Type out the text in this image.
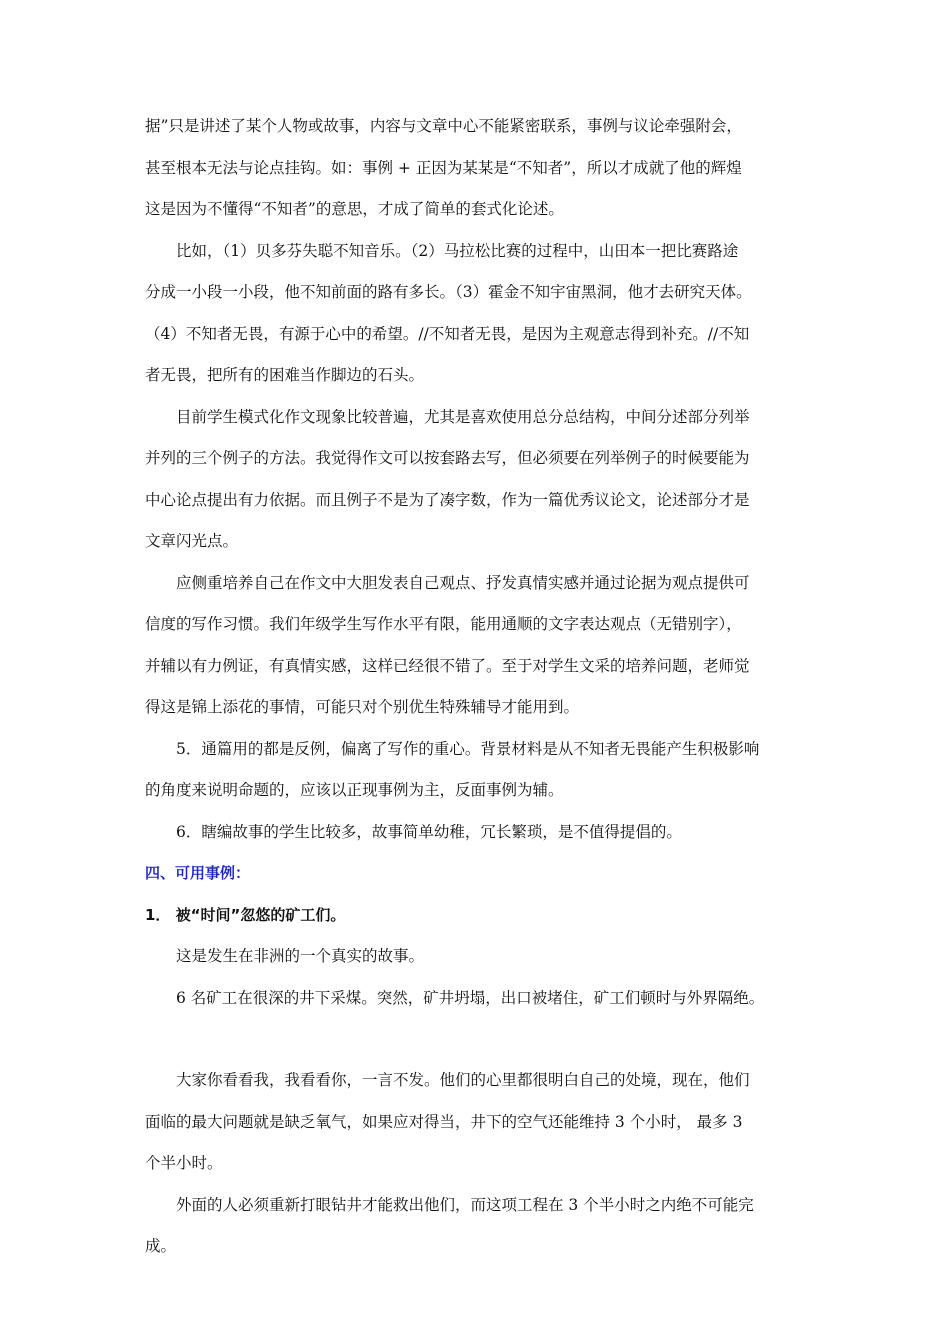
据”只是讲述了某个人物或故事，内容与文章中心不能紧密联系，事例与议论牵强附会，
甚至根本无法与论点挂钩。如：事例 + 正因为某某是“不知者”，所以才成就了他的辉煌
这是因为不懂得“不知者”的意思，才成了简单的套式化论述。
比如，（1）贝多芬失聪不知音乐。（2）马拉松比赛的过程中，山田本一把比赛路途
分成一小段一小段，他不知前面的路有多长。（3）霍金不知宇宙黑洞，他才去研究天体。
（4）不知者无畏，有源于心中的希望。//不知者无畏，是因为主观意志得到补充。//不知
者无畏，把所有的困难当作脚边的石头。
目前学生模式化作文现象比较普遍，尤其是喜欢使用总分总结构，中间分述部分列举
并列的三个例子的方法。我觉得作文可以按套路去写，但必须要在列举例子的时候要能为
中心论点提出有力依据。而且例子不是为了凑字数，作为一篇优秀议论文，论述部分才是
文章闪光点。
应侧重培养自己在作文中大胆发表自己观点、抒发真情实感并通过论据为观点提供可
信度的写作习惯。我们年级学生写作水平有限，能用通顺的文字表达观点（无错别字），
并辅以有力例证，有真情实感，这样已经很不错了。至于对学生文采的培养问题，老师觉
得这是锦上添花的事情，可能只对个别优生特殊辅导才能用到。
5．通篇用的都是反例，偏离了写作的重心。背景材料是从不知者无畏能产生积极影响
的角度来说明命题的，应该以正现事例为主，反面事例为辅。
6．瞎编故事的学生比较多，故事简单幼稚，冗长繁琐，是不值得提倡的。
四、可用事例：
1． 被“时间”忽悠的矿工们。
这是发生在非洲的一个真实的故事。
6 名矿工在很深的井下采煤。突然，矿井坍塌，出口被堵住，矿工们顿时与外界隔绝。
大家你看看我，我看看你，一言不发。他们的心里都很明白自己的处境，现在，他们
面临的最大问题就是缺乏氧气，如果应对得当，井下的空气还能维持 3 个小时， 最多 3
个半小时。
外面的人必须重新打眼钻井才能救出他们，而这项工程在 3 个半小时之内绝不可能完
成。
